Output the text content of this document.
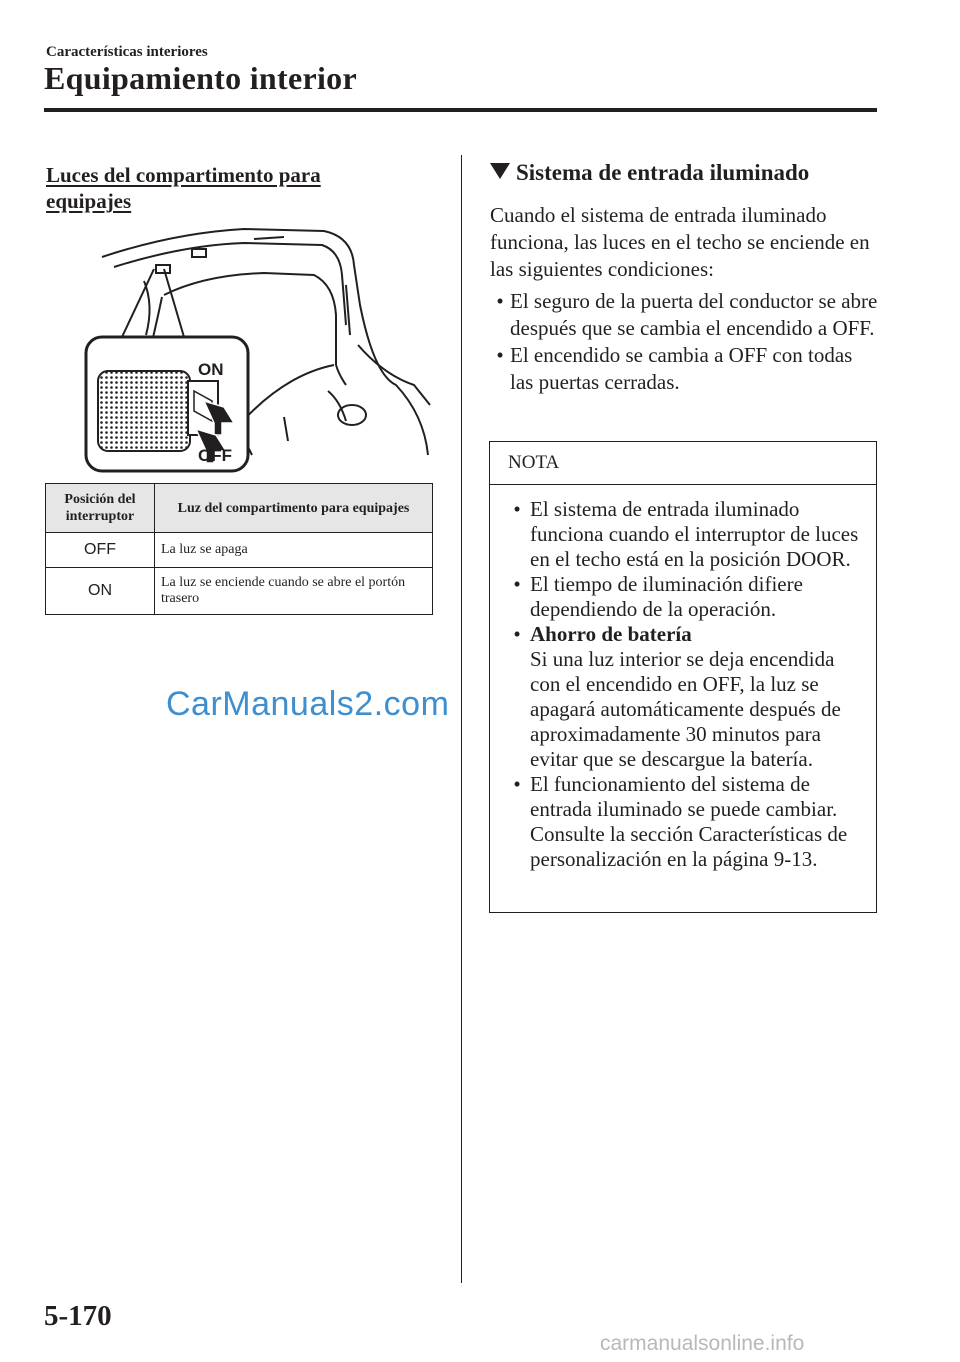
Características interiores
Equipamiento interior
Luces del compartimento para equipajes
ON
OFF
Posición del interruptor	Luz del compartimento para equipajes
OFF	La luz se apaga
ON	La luz se enciende cuando se abre el portón trasero
CarManuals2.com
Sistema de entrada iluminado
Cuando el sistema de entrada iluminado funciona, las luces en el techo se enciende en las siguientes condiciones:
• El seguro de la puerta del conductor se abre después que se cambia el encendido a OFF.
• El encendido se cambia a OFF con todas las puertas cerradas.
NOTA
• El sistema de entrada iluminado funciona cuando el interruptor de luces en el techo está en la posición DOOR.
• El tiempo de iluminación difiere dependiendo de la operación.
• Ahorro de batería
Si una luz interior se deja encendida con el encendido en OFF, la luz se apagará automáticamente después de aproximadamente 30 minutos para evitar que se descargue la batería.
• El funcionamiento del sistema de entrada iluminado se puede cambiar. Consulte la sección Características de personalización en la página 9-13.
5-170
carmanualsonline.info
